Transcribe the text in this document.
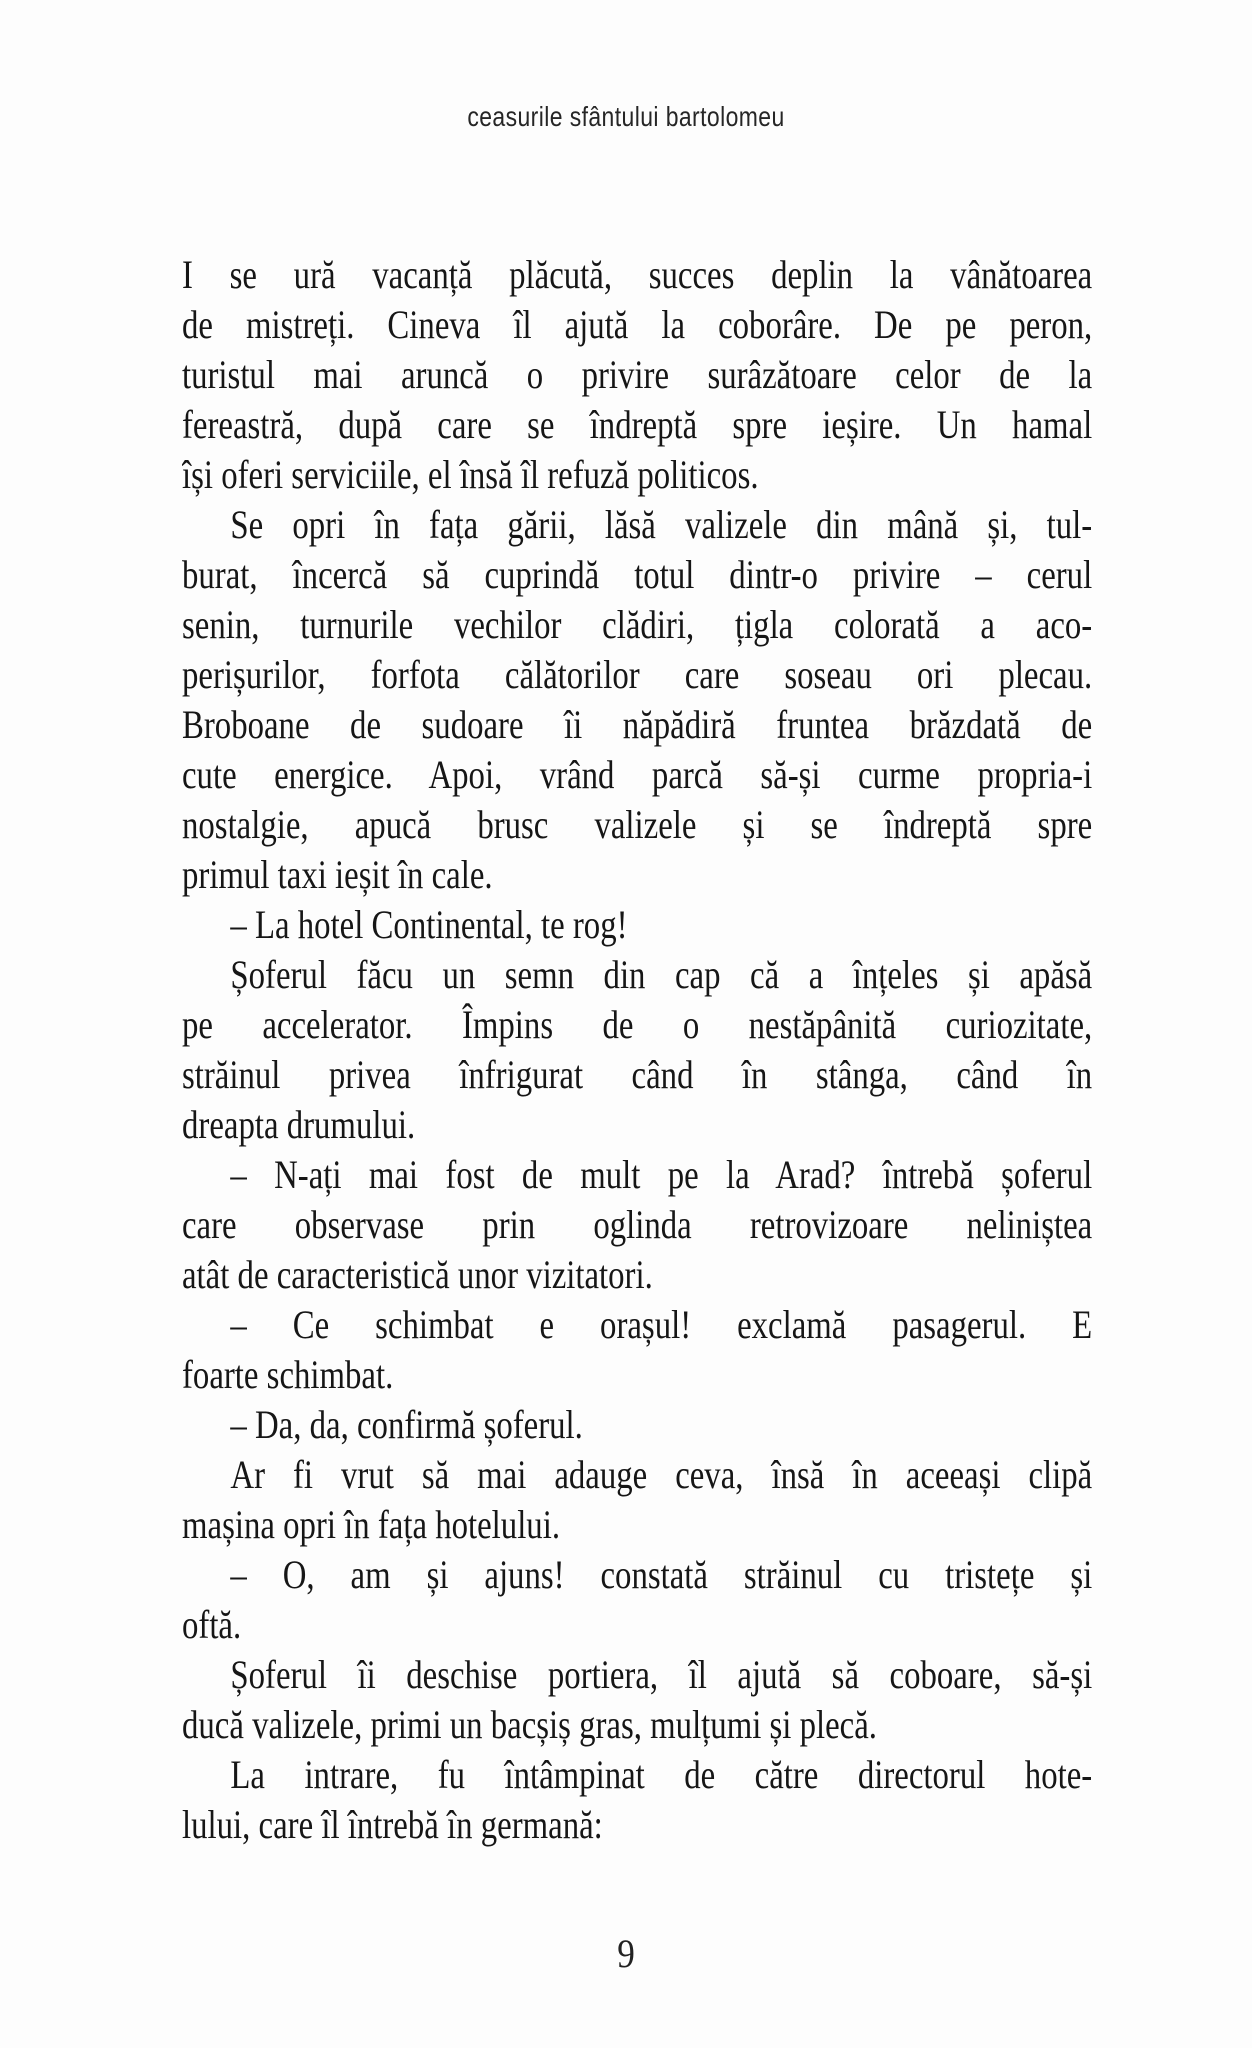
ceasurile sfântului bartolomeu
I se ură vacanță plăcută, succes deplin la vânătoarea
de mistreți. Cineva îl ajută la coborâre. De pe peron,
turistul mai aruncă o privire surâzătoare celor de la
fereastră, după care se îndreptă spre ieșire. Un hamal
își oferi serviciile, el însă îl refuză politicos.
Se opri în fața gării, lăsă valizele din mână și, tul-
burat, încercă să cuprindă totul dintr-o privire – cerul
senin, turnurile vechilor clădiri, țigla colorată a aco-
perișurilor, forfota călătorilor care soseau ori plecau.
Broboane de sudoare îi năpădiră fruntea brăzdată de
cute energice. Apoi, vrând parcă să-și curme propria-i
nostalgie, apucă brusc valizele și se îndreptă spre
primul taxi ieșit în cale.
– La hotel Continental, te rog!
Șoferul făcu un semn din cap că a înțeles și apăsă
pe accelerator. Împins de o nestăpânită curiozitate,
străinul privea înfrigurat când în stânga, când în
dreapta drumului.
– N-ați mai fost de mult pe la Arad? întrebă șoferul
care observase prin oglinda retrovizoare neliniștea
atât de caracteristică unor vizitatori.
– Ce schimbat e orașul! exclamă pasagerul. E
foarte schimbat.
– Da, da, confirmă șoferul.
Ar fi vrut să mai adauge ceva, însă în aceeași clipă
mașina opri în fața hotelului.
– O, am și ajuns! constată străinul cu tristețe și
oftă.
Șoferul îi deschise portiera, îl ajută să coboare, să-și
ducă valizele, primi un bacșiș gras, mulțumi și plecă.
La intrare, fu întâmpinat de către directorul hote-
lului, care îl întrebă în germană:
9
